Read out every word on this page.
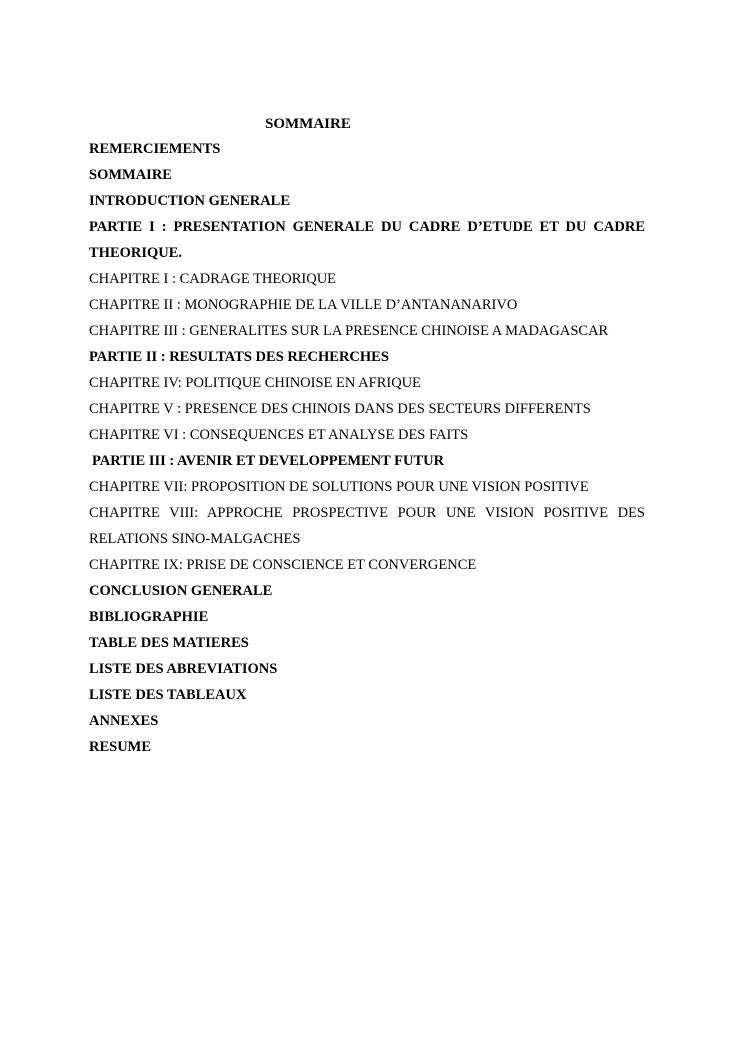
SOMMAIRE
REMERCIEMENTS
SOMMAIRE
INTRODUCTION GENERALE
PARTIE I : PRESENTATION GENERALE DU CADRE D’ETUDE ET DU CADRE
THEORIQUE.
CHAPITRE I : CADRAGE THEORIQUE
CHAPITRE II : MONOGRAPHIE DE LA VILLE D’ANTANANARIVO
CHAPITRE III : GENERALITES SUR LA PRESENCE CHINOISE A MADAGASCAR
PARTIE II : RESULTATS DES RECHERCHES
CHAPITRE IV: POLITIQUE CHINOISE EN AFRIQUE
CHAPITRE V : PRESENCE DES CHINOIS DANS DES SECTEURS DIFFERENTS
CHAPITRE VI : CONSEQUENCES ET ANALYSE DES FAITS
PARTIE III : AVENIR ET DEVELOPPEMENT FUTUR
CHAPITRE VII: PROPOSITION DE SOLUTIONS POUR UNE VISION POSITIVE
CHAPITRE VIII: APPROCHE PROSPECTIVE POUR UNE VISION POSITIVE DES
RELATIONS SINO-MALGACHES
CHAPITRE IX: PRISE DE CONSCIENCE ET CONVERGENCE
CONCLUSION GENERALE
BIBLIOGRAPHIE
TABLE DES MATIERES
LISTE DES ABREVIATIONS
LISTE DES TABLEAUX
ANNEXES
RESUME
